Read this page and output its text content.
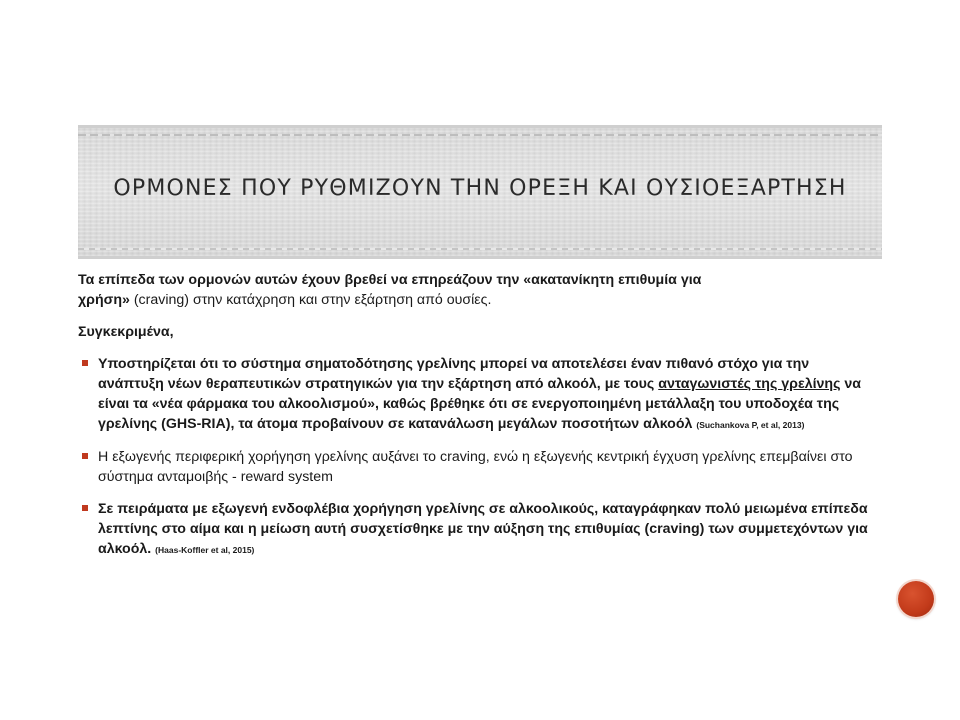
ΟΡΜΟΝΕΣ ΠΟΥ ΡΥΘΜΙΖΟΥΝ ΤΗΝ ΟΡΕΞΗ ΚΑΙ ΟΥΣΙΟΕΞΑΡΤΗΣΗ

Τα επίπεδα των ορμονών αυτών έχουν βρεθεί να επηρεάζουν την «ακατανίκητη επιθυμία για
χρήση» (craving) στην κατάχρηση και στην εξάρτηση από ουσίες.

Συγκεκριμένα,

Υποστηρίζεται ότι το σύστημα σηματοδότησης γρελίνης μπορεί να αποτελέσει έναν πιθανό στόχο για την ανάπτυξη νέων θεραπευτικών στρατηγικών για την εξάρτηση από αλκοόλ, με τους ανταγωνιστές της γρελίνης να είναι τα «νέα φάρμακα του αλκοολισμού», καθώς βρέθηκε ότι σε ενεργοποιημένη μετάλλαξη του υποδοχέα της γρελίνης (GHS-RIA), τα άτομα προβαίνουν σε κατανάλωση μεγάλων ποσοτήτων αλκοόλ (Suchankova P, et al, 2013)
Η εξωγενής περιφερική χορήγηση γρελίνης αυξάνει το craving, ενώ η εξωγενής κεντρική έγχυση γρελίνης επεμβαίνει στο σύστημα ανταμοιβής - reward system
Σε πειράματα με εξωγενή ενδοφλέβια χορήγηση γρελίνης σε αλκοολικούς, καταγράφηκαν πολύ μειωμένα επίπεδα λεπτίνης στο αίμα και η μείωση αυτή συσχετίσθηκε με την αύξηση της επιθυμίας (craving) των συμμετεχόντων για αλκοόλ. (Haas-Koffler et al, 2015)
